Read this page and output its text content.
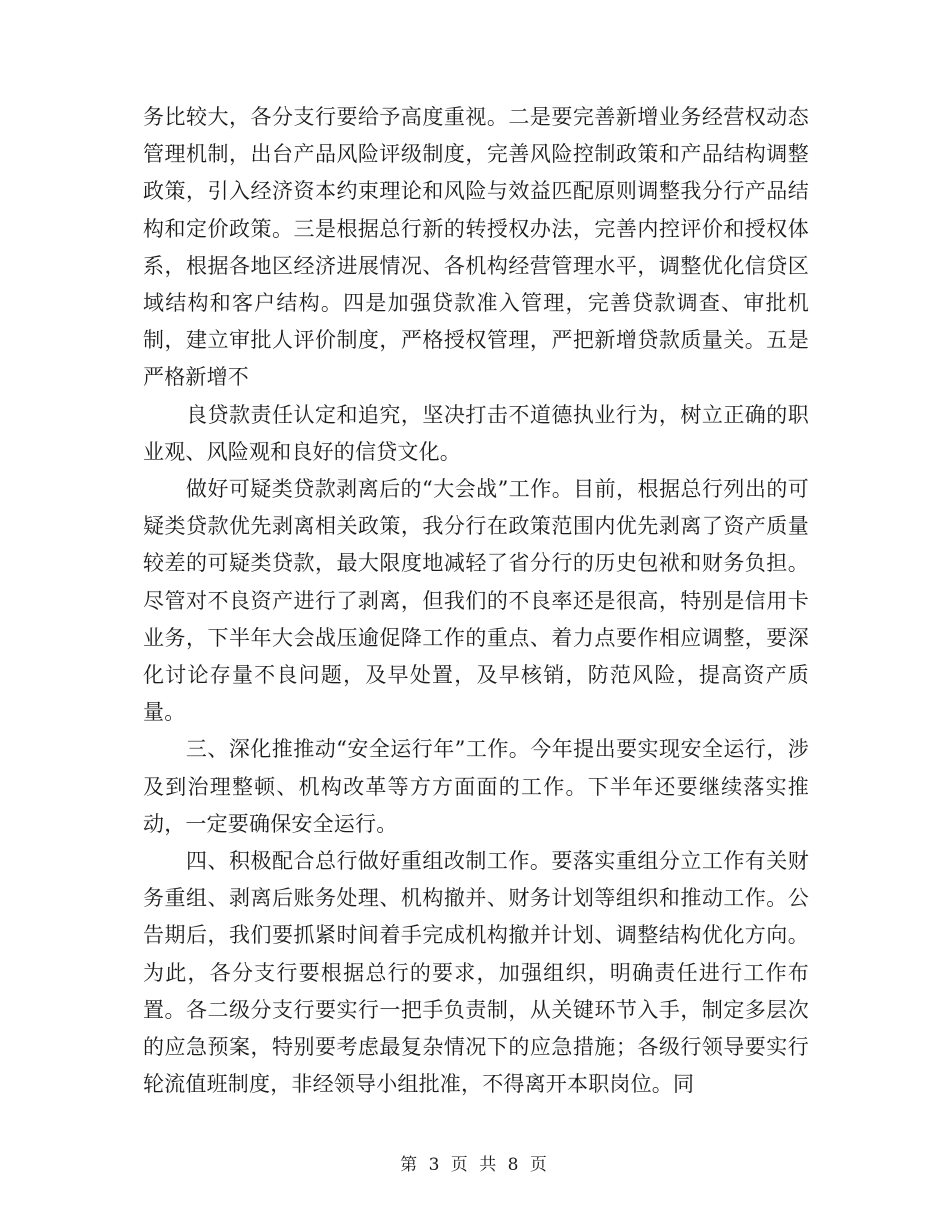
务比较大，各分支行要给予高度重视。二是要完善新增业务经营权动态管理机制，出台产品风险评级制度，完善风险控制政策和产品结构调整政策，引入经济资本约束理论和风险与效益匹配原则调整我分行产品结构和定价政策。三是根据总行新的转授权办法，完善内控评价和授权体系，根据各地区经济进展情况、各机构经营管理水平，调整优化信贷区域结构和客户结构。四是加强贷款准入管理，完善贷款调查、审批机制，建立审批人评价制度，严格授权管理，严把新增贷款质量关。五是严格新增不

　　良贷款责任认定和追究，坚决打击不道德执业行为，树立正确的职业观、风险观和良好的信贷文化。

　　做好可疑类贷款剥离后的“大会战”工作。目前，根据总行列出的可疑类贷款优先剥离相关政策，我分行在政策范围内优先剥离了资产质量较差的可疑类贷款，最大限度地减轻了省分行的历史包袱和财务负担。尽管对不良资产进行了剥离，但我们的不良率还是很高，特别是信用卡业务，下半年大会战压逾促降工作的重点、着力点要作相应调整，要深化讨论存量不良问题，及早处置，及早核销，防范风险，提高资产质量。

　　三、深化推推动“安全运行年”工作。今年提出要实现安全运行，涉及到治理整顿、机构改革等方方面面的工作。下半年还要继续落实推动，一定要确保安全运行。

　　四、积极配合总行做好重组改制工作。要落实重组分立工作有关财务重组、剥离后账务处理、机构撤并、财务计划等组织和推动工作。公告期后，我们要抓紧时间着手完成机构撤并计划、调整结构优化方向。为此，各分支行要根据总行的要求，加强组织，明确责任进行工作布置。各二级分支行要实行一把手负责制，从关键环节入手，制定多层次的应急预案，特别要考虑最复杂情况下的应急措施；各级行领导要实行轮流值班制度，非经领导小组批准，不得离开本职岗位。同

第 3 页 共 8 页
